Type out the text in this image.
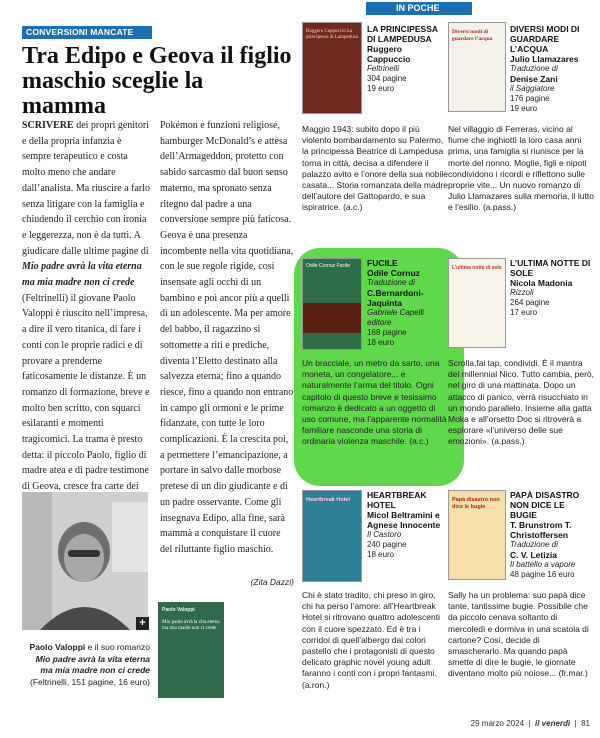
CONVERSIONI MANCATE
Tra Edipo e Geova il figlio maschio sceglie la mamma
SCRIVERE dei propri genitori e della propria infanzia è sempre terapeutico e costa molto meno che andare dall’analista. Ma riuscire a farlo senza litigare con la famiglia e chiudendo il cerchio con ironia e leggerezza, non è da tutti. A giudicare dalle ultime pagine di Mio padre avrà la vita eterna ma mia madre non ci crede (Feltrinelli) il giovane Paolo Valoppi è riuscito nell’impresa, a dire il vero titanica, di fare i conti con le proprie radici e di provare a prenderne faticosamente le distanze. È un romanzo di formazione, breve e molto ben scritto, con squarci esilaranti e momenti tragicomici. La trama è presto detta: il piccolo Paolo, figlio di madre atea e di padre testimone di Geova, cresce fra carte dei
Pokémon e funzioni religiose, hamburger McDonald’s e attesa dell’Armageddon, protetto con sabido sarcasmo dal buon senso materno, ma spronato senza ritegno dal padre a una conversione sempre più faticosa. Geova è una presenza incombente nella vita quotidiana, con le sue regole rigide, così insensate agli occhi di un bambino e poi ancor più a quelli di un adolescente. Ma per amore del babbo, il ragazzino si sottomette a riti e prediche, diventa l’Eletto destinato alla salvezza eterna; fino a quando riesce, fino a quando non entrano in campo gli ormoni e le prime fidanzate, con tutte le loro complicazioni. È la crescita poi, a permettere l’emancipazione, a portare in salvo dalle morbose pretese di un dio giudicante e di un padre osservante. Come gli insegnava Edipo, alla fine, sarà mammà a conquistare il cuore del riluttante figlio maschio.
(Zita Dazzi)
+
Paolo Valoppi e il suo romanzo Mio padre avrà la vita eterna ma mia madre non ci crede (Feltrinelli, 151 pagine, 16 euro)
Paolo Valoppi
Mio padre avrà la vita eterna ma mia madre non ci crede
IN POCHE PAROLE
Ruggero Cappuccio La principessa di Lampedusa
LA PRINCIPESSA DI LAMPEDUSA
Ruggero Cappuccio
Feltrinelli
304 pagine
19 euro
Maggio 1943: subito dopo il più violento bombardamento su Palermo, la principessa Beatrice di Lampedusa torna in città, decisa a difendere il palazzo avito e l’onore della sua nobile casata... Storia romanzata della madre dell’autore del Gattopardo, e sua ispiratrice. (a.c.)
Diversi modi di guardare l’acqua
DIVERSI MODI DI GUARDARE L’ACQUA
Julio Llamazares
Traduzione di
Denise Zani
il Saggiatore
176 pagine
19 euro
Nel villaggio di Ferreras, vicino al fiume che inghiottì la loro casa anni prima, una famiglia si riunisce per la morte del nonno. Moglie, figli e nipoti condividono i ricordi e riflettono sulle proprie vite... Un nuovo romanzo di Julio Llamazares sulla memoria, il lutto e l’esilio. (a.pass.)
Odile Cornuz Fucile	FUCILE
Odile Cornuz
Traduzione di
C.Bernardoni-Jaquinta
Gabriele Capelli editore
168 pagine
18 euro
Un bracciale, un metro da sarto, una moneta, un congelatore... e naturalmente l’arma del titolo. Ogni capitolo di questo breve e tesissimo romanzo è dedicato a un oggetto di uso comune, ma l’apparente normalità familiare nasconde una storia di ordinaria violenza maschile. (a.c.)
L’ultima notte di sole L’ULTIMA NOTTE DI SOLE
Nicola Madonia
Rizzoli
264 pagine
17 euro
Scrolla,fai tap, condividi. È il mantra del millennial Nico. Tutto cambia, però, nel giro di una mattinata. Dopo un attacco di panico, verrà risucchiato in un mondo parallelo. Insieme alla gatta Moka e all’orsetto Doc si ritroverà a esplorare «l’universo delle sue emozioni». (a.pass.)
Heartbreak Hotel	HEARTBREAK HOTEL
Micol Beltramini e Agnese Innocente
Il Castoro
240 pagine
18 euro
Chi è stato tradito, chi preso in giro, chi ha perso l’amore: all’Heartbreak Hotel si ritrovano quattro adolescenti con il cuore spezzato. Ed è tra i corridoi di quell’albergo dai colori pastello che i protagonisti di questo delicato graphic novel young adult faranno i conti con i propri fantasmi. (a.ron.)
Papà disastro non dice le bugie
PAPÀ DISASTRO NON DICE LE BUGIE
T. Brunstrom T. Christoffersen
Traduzione di
C. V. Letizia
Il battello a vapore
48 pagine 16 euro
Sally ha un problema: suo papà dice tante, tantissime bugie. Possibile che da piccolo cenava soltanto di mercoledì e dormiva in una scatola di cartone? Così, decide di smascherarlo. Ma quando papà smette di dire le bugie, le giornate diventano molto più noiose... (fr.mar.)
29 marzo 2024  |  il venerdì  |  81
